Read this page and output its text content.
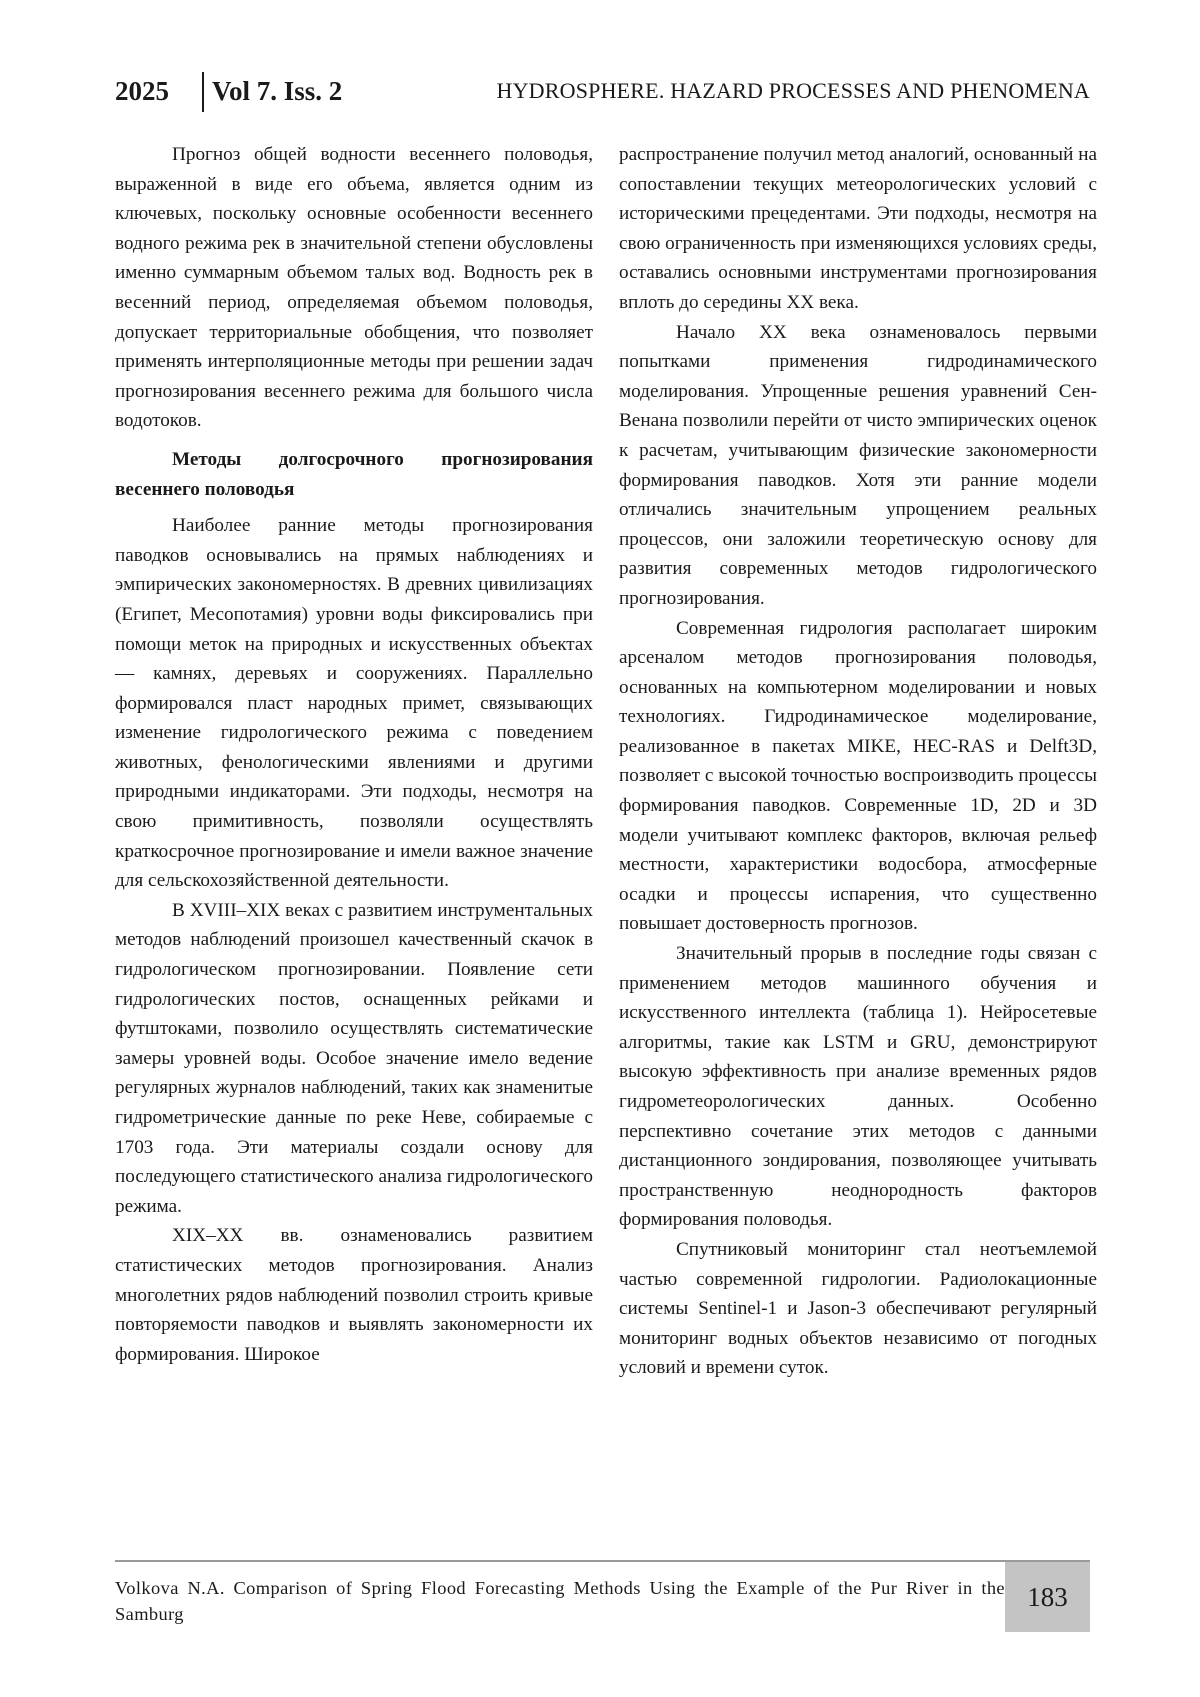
2025 Vol 7. Iss. 2	HYDROSPHERE. HAZARD PROCESSES AND PHENOMENA

Прогноз общей водности весеннего половодья, выраженной в виде его объема, является одним из ключевых, поскольку основные особенности весеннего водного режима рек в значительной степени обусловлены именно суммарным объемом талых вод. Водность рек в весенний период, определяемая объемом половодья, допускает территориальные обобщения, что позволяет применять интерполяционные методы при решении задач прогнозирования весеннего режима для большого числа водотоков.

Методы долгосрочного прогнозирования весеннего половодья

Наиболее ранние методы прогнозирования паводков основывались на прямых наблюдениях и эмпирических закономерностях. В древних цивилизациях (Египет, Месопотамия) уровни воды фиксировались при помощи меток на природных и искусственных объектах — камнях, деревьях и сооружениях. Параллельно формировался пласт народных примет, связывающих изменение гидрологического режима с поведением животных, фенологическими явлениями и другими природными индикаторами. Эти подходы, несмотря на свою примитивность, позволяли осуществлять краткосрочное прогнозирование и имели важное значение для сельскохозяйственной деятельности.

В XVIII–XIX веках с развитием инструментальных методов наблюдений произошел качественный скачок в гидрологическом прогнозировании. Появление сети гидрологических постов, оснащенных рейками и футштоками, позволило осуществлять систематические замеры уровней воды. Особое значение имело ведение регулярных журналов наблюдений, таких как знаменитые гидрометрические данные по реке Неве, собираемые с 1703 года. Эти материалы создали основу для последующего статистического анализа гидрологического режима.

XIX–XX вв. ознаменовались развитием статистических методов прогнозирования. Анализ многолетних рядов наблюдений позволил строить кривые повторяемости паводков и выявлять закономерности их формирования. Широкое

распространение получил метод аналогий, основанный на сопоставлении текущих метеорологических условий с историческими прецедентами. Эти подходы, несмотря на свою ограниченность при изменяющихся условиях среды, оставались основными инструментами прогнозирования вплоть до середины XX века.

Начало XX века ознаменовалось первыми попытками применения гидродинамического моделирования. Упрощенные решения уравнений Сен-Венана позволили перейти от чисто эмпирических оценок к расчетам, учитывающим физические закономерности формирования паводков. Хотя эти ранние модели отличались значительным упрощением реальных процессов, они заложили теоретическую основу для развития современных методов гидрологического прогнозирования.

Современная гидрология располагает широким арсеналом методов прогнозирования половодья, основанных на компьютерном моделировании и новых технологиях. Гидродинамическое моделирование, реализованное в пакетах MIKE, HEC-RAS и Delft3D, позволяет с высокой точностью воспроизводить процессы формирования паводков. Современные 1D, 2D и 3D модели учитывают комплекс факторов, включая рельеф местности, характеристики водосбора, атмосферные осадки и процессы испарения, что существенно повышает достоверность прогнозов.

Значительный прорыв в последние годы связан с применением методов машинного обучения и искусственного интеллекта (таблица 1). Нейросетевые алгоритмы, такие как LSTM и GRU, демонстрируют высокую эффективность при анализе временных рядов гидрометеорологических данных. Особенно перспективно сочетание этих методов с данными дистанционного зондирования, позволяющее учитывать пространственную неоднородность факторов формирования половодья.

Спутниковый мониторинг стал неотъемлемой частью современной гидрологии. Радиолокационные системы Sentinel-1 и Jason-3 обеспечивают регулярный мониторинг водных объектов независимо от погодных условий и времени суток.

Volkova N.A. Comparison of Spring Flood Forecasting Methods Using the Example of the Pur River in the Samburg
183
